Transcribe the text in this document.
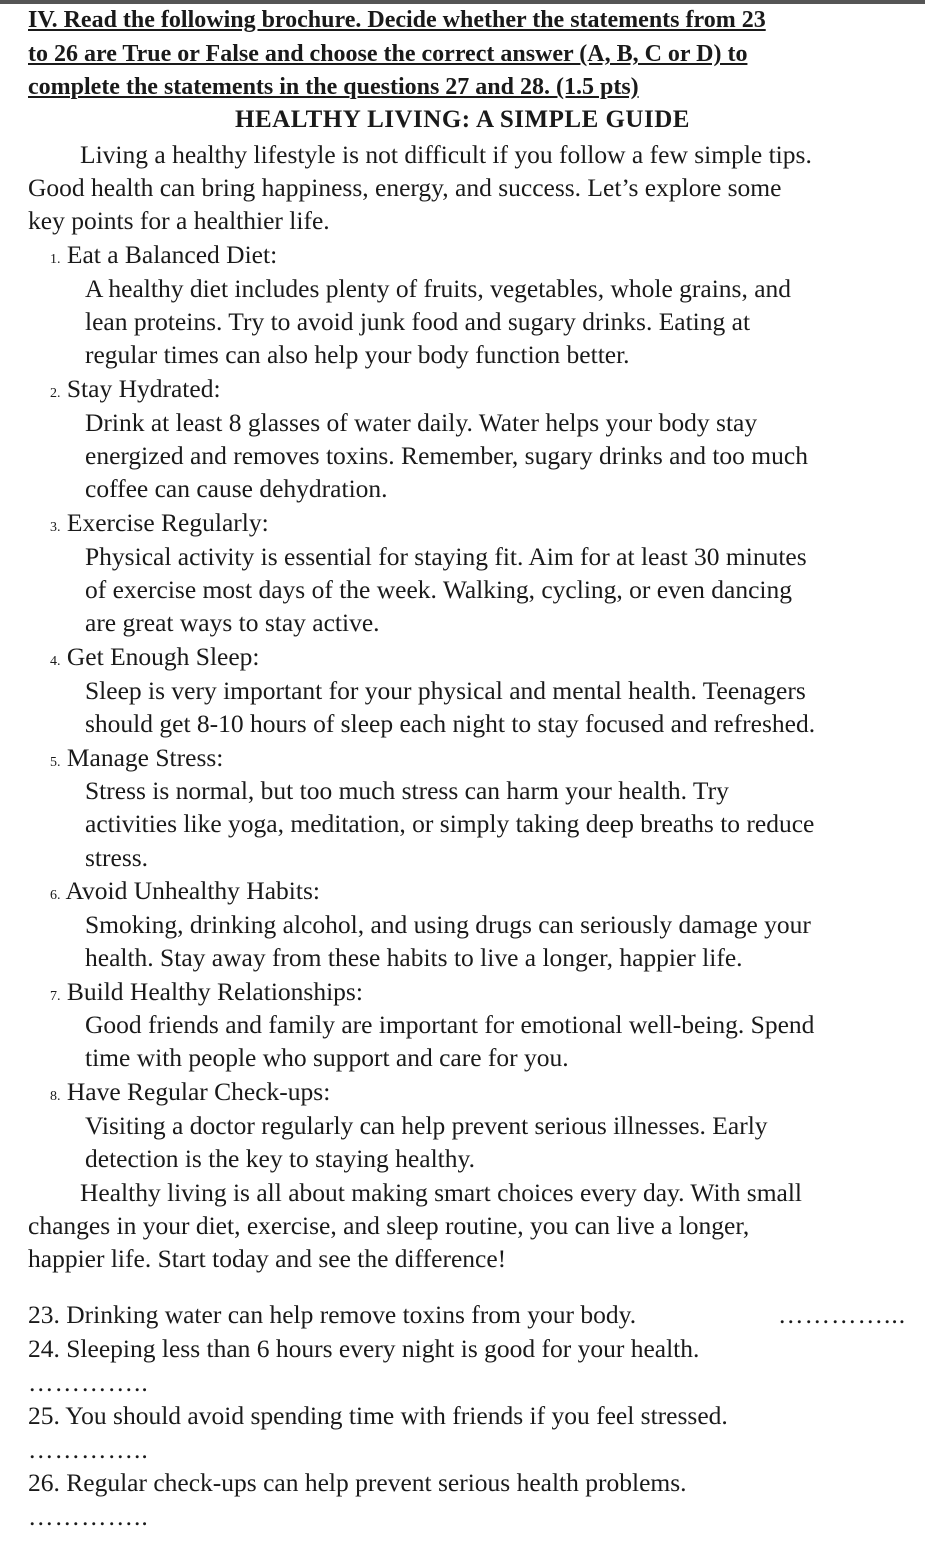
IV. Read the following brochure. Decide whether the statements from 23
to 26 are True or False and choose the correct answer (A, B, C or D) to
complete the statements in the questions 27 and 28. (1.5 pts)
HEALTHY LIVING: A SIMPLE GUIDE
Living a healthy lifestyle is not difficult if you follow a few simple tips.
Good health can bring happiness, energy, and success. Let’s explore some
key points for a healthier life.
1. Eat a Balanced Diet:
A healthy diet includes plenty of fruits, vegetables, whole grains, and
lean proteins. Try to avoid junk food and sugary drinks. Eating at
regular times can also help your body function better.
2. Stay Hydrated:
Drink at least 8 glasses of water daily. Water helps your body stay
energized and removes toxins. Remember, sugary drinks and too much
coffee can cause dehydration.
3. Exercise Regularly:
Physical activity is essential for staying fit. Aim for at least 30 minutes
of exercise most days of the week. Walking, cycling, or even dancing
are great ways to stay active.
4. Get Enough Sleep:
Sleep is very important for your physical and mental health. Teenagers
should get 8-10 hours of sleep each night to stay focused and refreshed.
5. Manage Stress:
Stress is normal, but too much stress can harm your health. Try
activities like yoga, meditation, or simply taking deep breaths to reduce
stress.
6. Avoid Unhealthy Habits:
Smoking, drinking alcohol, and using drugs can seriously damage your
health. Stay away from these habits to live a longer, happier life.
7. Build Healthy Relationships:
Good friends and family are important for emotional well-being. Spend
time with people who support and care for you.
8. Have Regular Check-ups:
Visiting a doctor regularly can help prevent serious illnesses. Early
detection is the key to staying healthy.
Healthy living is all about making smart choices every day. With small
changes in your diet, exercise, and sleep routine, you can live a longer,
happier life. Start today and see the difference!
23. Drinking water can help remove toxins from your body.	…………...
24. Sleeping less than 6 hours every night is good for your health.
…………..
25. You should avoid spending time with friends if you feel stressed.
…………..
26. Regular check-ups can help prevent serious health problems.
…………..
